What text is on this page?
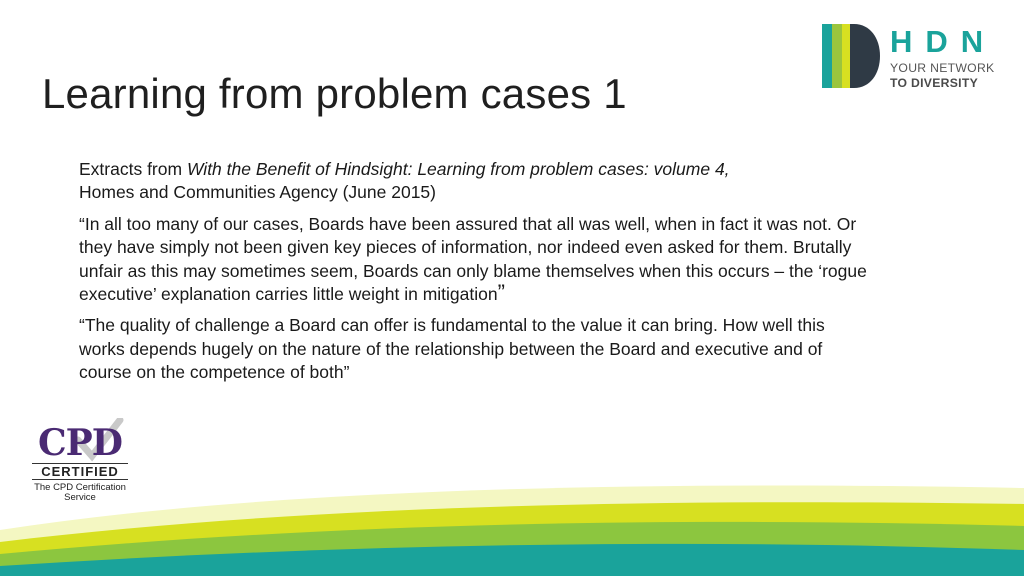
Learning from problem cases 1
HDN
YOUR NETWORK
TO DIVERSITY

Extracts from With the Benefit of Hindsight: Learning from problem cases: volume 4,
Homes and Communities Agency (June 2015)

“In all too many of our cases, Boards have been assured that all was well, when in fact it was not. Or they have simply not been given key pieces of information, nor indeed even asked for them. Brutally unfair as this may sometimes seem, Boards can only blame themselves when this occurs – the ‘rogue executive’ explanation carries little weight in mitigation”

“The quality of challenge a Board can offer is fundamental to the value it can bring. How well this works depends hugely on the nature of the relationship between the Board and executive and of course on the competence of both”

CPD
CERTIFIED
The CPD Certification
Service
